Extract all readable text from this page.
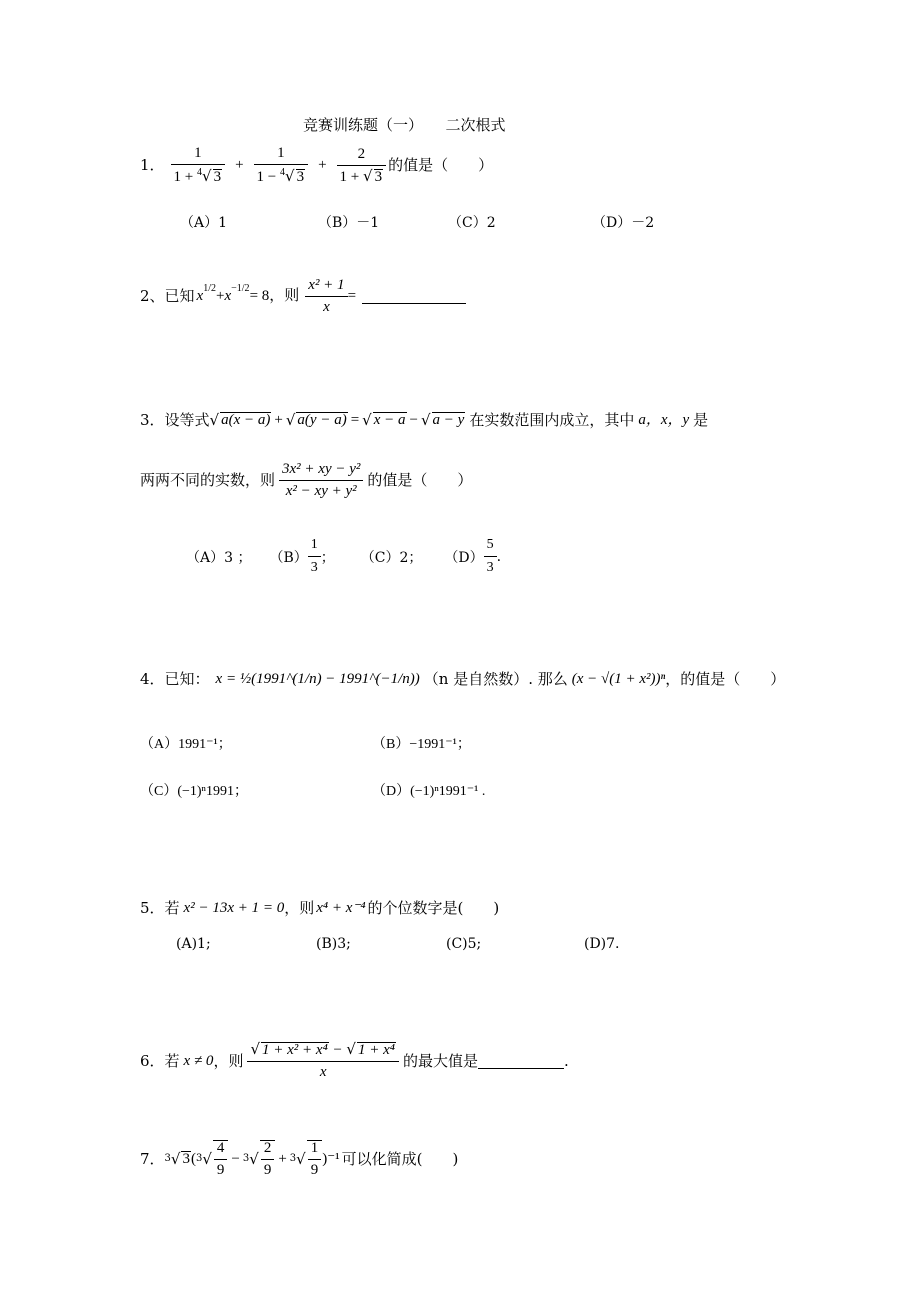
竞赛训练题（一）　　二次根式
1． $\frac{1}{1 + ^4√ 3} + \frac{1}{1 - ^4√ 3} + \frac{2}{1 + √ 3}$ 的值是（　　）
（A）1	（B）－1	（C）2	（D）－2
2、已知 $x^{1/2} + x^{-1/2} = 8$，则 $\frac{\text{x² + 1}}{x}$ =
3．设等式 √ a(x − a) + √ a(y − a) = √ x − a − √ a − y 在实数范围内成立，其中 a，x，y 是
两两不同的实数，则 $\frac{\text{3x² + xy − y²}}{\text{x² − xy + y²}}$ 的值是（　　）
（A）3 ； $(B) \frac{1}{3}$ ； （C）2； $(D) \frac{5}{3}$ .
4．已知： x = ½(1991^(1/n) − 1991^(−1/n)) （n 是自然数）. 那么 (x − √(1 + x²))ⁿ ，的值是（　　）
（A）1991⁻¹；	（B）−1991⁻¹；
（C）(−1)ⁿ1991；	（D）(−1)ⁿ1991⁻¹ .
5．若 x² − 13x + 1 = 0 ，则 x⁴ + x⁻⁴ 的个位数字是(　　)
(A)1;	(B)3;	(C)5;	(D)7.
6．若 x ≠ 0 ，则 $\frac{\text{√ 1 + x² + x⁴ − √ 1 + x⁴}}{x}$ 的最大值是	.
7． 3 √ 3 ( 3 √ $\frac{4}{9} - 3$ √ $\frac{2}{9} + 3$ √ $\frac{1}{9} )^{-1}$ 可以化简成(　　)
